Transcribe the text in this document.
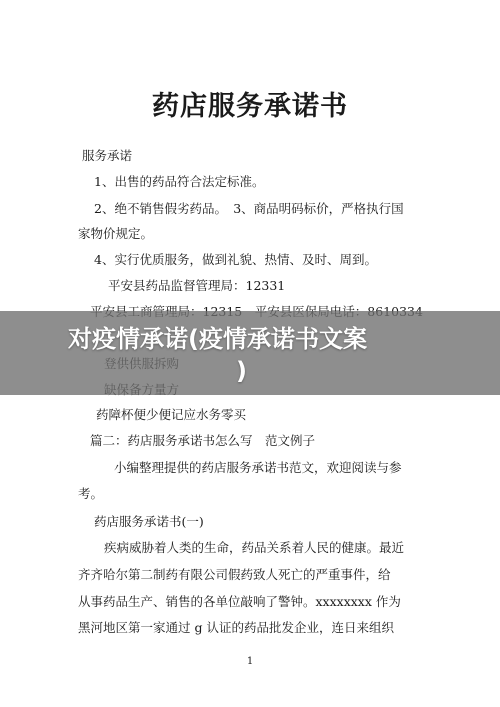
药店服务承诺书
服务承诺
1、出售的药品符合法定标准。
2、绝不销售假劣药品。　3、商品明码标价，严格执行国
家物价规定。
4、实行优质服务，做到礼貌、热情、及时、周到。
平安县药品监督管理局：12331
药障杯便少便记应水务零买
篇二：药店服务承诺书怎么写　范文例子
小编整理提供的药店服务承诺书范文，欢迎阅读与参
考。
药店服务承诺书(一)
疾病威胁着人类的生命，药品关系着人民的健康。最近
齐齐哈尔第二制药有限公司假药致人死亡的严重事件，给
从事药品生产、销售的各单位敲响了警钟。xxxxxxxx 作为
黑河地区第一家通过 g 认证的药品批发企业，连日来组织
1
对疫情承诺(疫情承诺书文案
)
